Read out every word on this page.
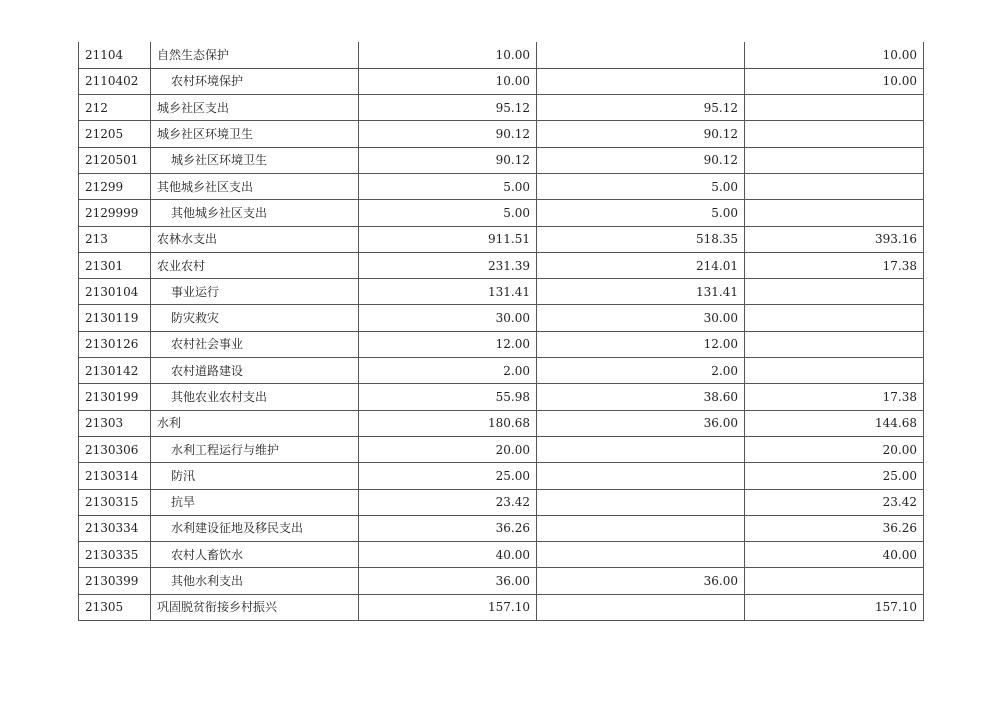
21104	自然生态保护	10.00		10.00
2110402	农村环境保护	10.00		10.00
212	城乡社区支出	95.12	95.12	
21205	城乡社区环境卫生	90.12	90.12	
2120501	城乡社区环境卫生	90.12	90.12	
21299	其他城乡社区支出	5.00	5.00	
2129999	其他城乡社区支出	5.00	5.00	
213	农林水支出	911.51	518.35	393.16
21301	农业农村	231.39	214.01	17.38
2130104	事业运行	131.41	131.41	
2130119	防灾救灾	30.00	30.00	
2130126	农村社会事业	12.00	12.00	
2130142	农村道路建设	2.00	2.00	
2130199	其他农业农村支出	55.98	38.60	17.38
21303	水利	180.68	36.00	144.68
2130306	水利工程运行与维护	20.00		20.00
2130314	防汛	25.00		25.00
2130315	抗旱	23.42		23.42
2130334	水利建设征地及移民支出	36.26		36.26
2130335	农村人畜饮水	40.00		40.00
2130399	其他水利支出	36.00	36.00	
21305	巩固脱贫衔接乡村振兴	157.10		157.10
